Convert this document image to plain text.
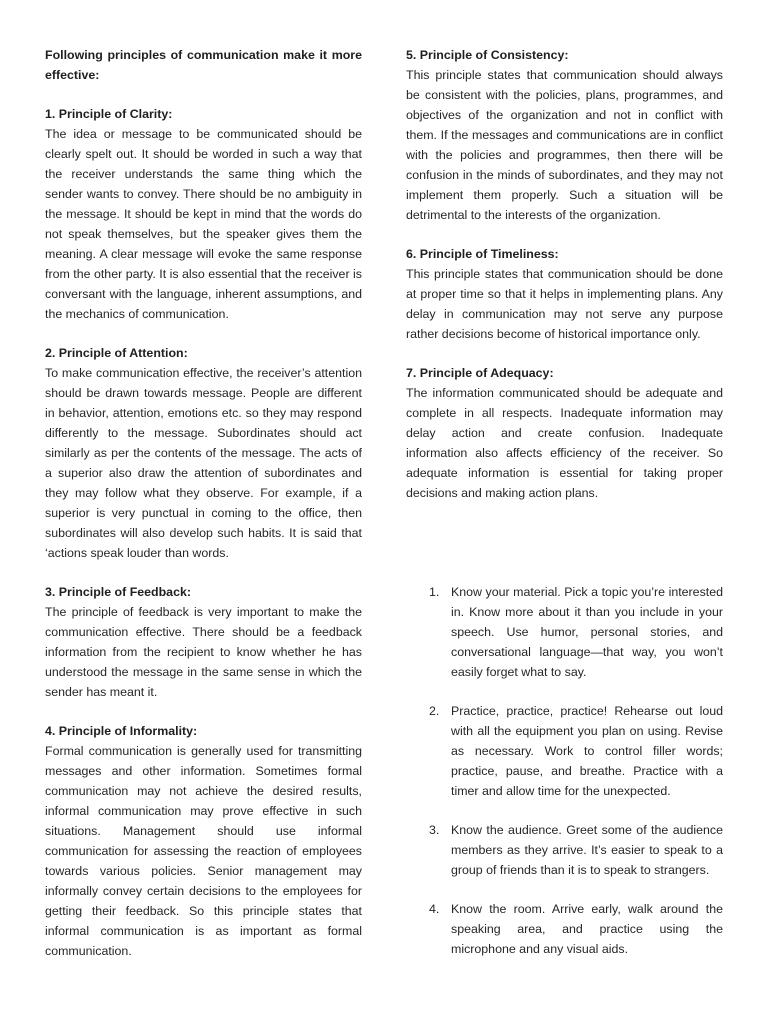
Following principles of communication make it more effective:

1. Principle of Clarity:

The idea or message to be communicated should be clearly spelt out. It should be worded in such a way that the receiver understands the same thing which the sender wants to convey. There should be no ambiguity in the message. It should be kept in mind that the words do not speak themselves, but the speaker gives them the meaning. A clear message will evoke the same response from the other party. It is also essential that the receiver is conversant with the language, inherent assumptions, and the mechanics of communication.

2. Principle of Attention:

To make communication effective, the receiver’s attention should be drawn towards message. People are different in behavior, attention, emotions etc. so they may respond differently to the message. Subordinates should act similarly as per the contents of the message. The acts of a superior also draw the attention of subordinates and they may follow what they observe. For example, if a superior is very punctual in coming to the office, then subordinates will also develop such habits. It is said that ‘actions speak louder than words.

3. Principle of Feedback:

The principle of feedback is very important to make the communication effective. There should be a feedback information from the recipient to know whether he has understood the message in the same sense in which the sender has meant it.

4. Principle of Informality:

Formal communication is generally used for transmitting messages and other information. Sometimes formal communication may not achieve the desired results, informal communication may prove effective in such situations. Management should use informal communication for assessing the reaction of employees towards various policies. Senior management may informally convey certain decisions to the employees for getting their feedback. So this principle states that informal communication is as important as formal communication.

5. Principle of Consistency:

This principle states that communication should always be consistent with the policies, plans, programmes, and objectives of the organization and not in conflict with them. If the messages and communications are in conflict with the policies and programmes, then there will be confusion in the minds of subordinates, and they may not implement them properly. Such a situation will be detrimental to the interests of the organization.

6. Principle of Timeliness:

This principle states that communication should be done at proper time so that it helps in implementing plans. Any delay in communication may not serve any purpose rather decisions become of historical importance only.

7. Principle of Adequacy:

The information communicated should be adequate and complete in all respects. Inadequate information may delay action and create confusion. Inadequate information also affects efficiency of the receiver. So adequate information is essential for taking proper decisions and making action plans.

1. Know your material. Pick a topic you’re interested in. Know more about it than you include in your speech. Use humor, personal stories, and conversational language—that way, you won’t easily forget what to say.

2. Practice, practice, practice! Rehearse out loud with all the equipment you plan on using. Revise as necessary. Work to control filler words; practice, pause, and breathe. Practice with a timer and allow time for the unexpected.

3. Know the audience. Greet some of the audience members as they arrive. It’s easier to speak to a group of friends than it is to speak to strangers.

4. Know the room. Arrive early, walk around the speaking area, and practice using the microphone and any visual aids.
